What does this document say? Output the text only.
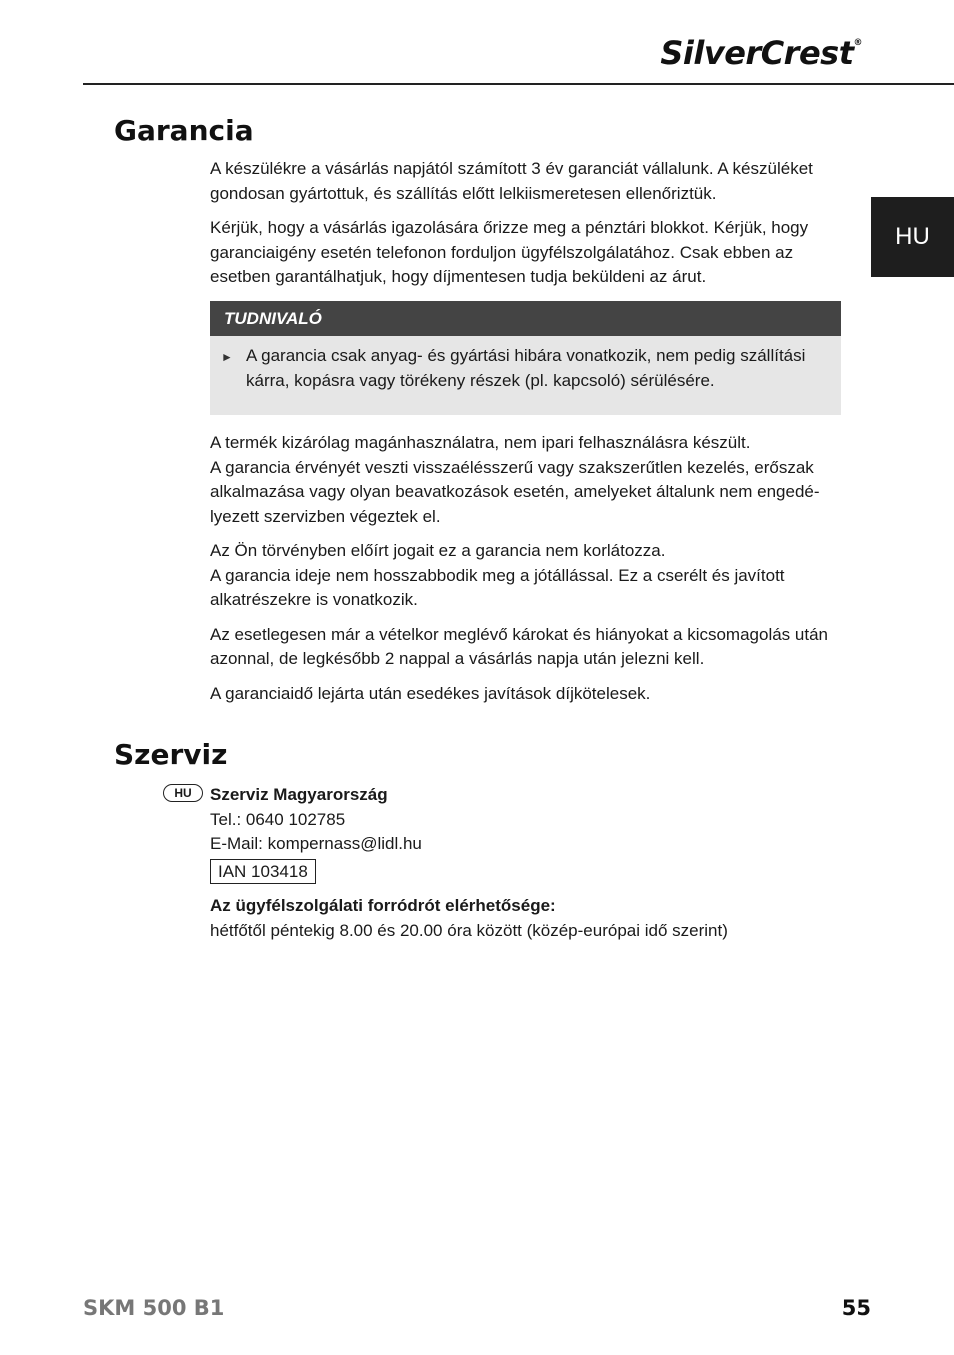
SilverCrest®
HU
Garancia

A készülékre a vásárlás napjától számított 3 év garanciát vállalunk. A készüléket gondosan gyártottuk, és szállítás előtt lelkiismeretesen ellenőriztük.

Kérjük, hogy a vásárlás igazolására őrizze meg a pénztári blokkot. Kérjük, hogy garanciaigény esetén telefonon forduljon ügyfélszolgálatához. Csak ebben az esetben garantálhatjuk, hogy díjmentesen tudja beküldeni az árut.

TUDNIVALÓ
► A garancia csak anyag- és gyártási hibára vonatkozik, nem pedig szállítási kárra, kopásra vagy törékeny részek (pl. kapcsoló) sérülésére.

A termék kizárólag magánhasználatra, nem ipari felhasználásra készült.

A garancia érvényét veszti visszaélésszerű vagy szakszerűtlen kezelés, erőszak alkalmazása vagy olyan beavatkozások esetén, amelyeket általunk nem engedélyezett szervizben végeztek el.

Az Ön törvényben előírt jogait ez a garancia nem korlátozza.

A garancia ideje nem hosszabbodik meg a jótállással. Ez a cserélt és javított alkatrészekre is vonatkozik.

Az esetlegesen már a vételkor meglévő károkat és hiányokat a kicsomagolás után azonnal, de legkésőbb 2 nappal a vásárlás napja után jelezni kell.

A garanciaidő lejárta után esedékes javítások díjkötelesek.

Szerviz
HU	Szerviz Magyarország

Tel.: 0640 102785

E-Mail: kompernass@lidl.hu

IAN 103418

Az ügyfélszolgálati forródrót elérhetősége:

hétfőtől péntekig 8.00 és 20.00 óra között (közép-európai idő szerint)

SKM 500 B1	55
